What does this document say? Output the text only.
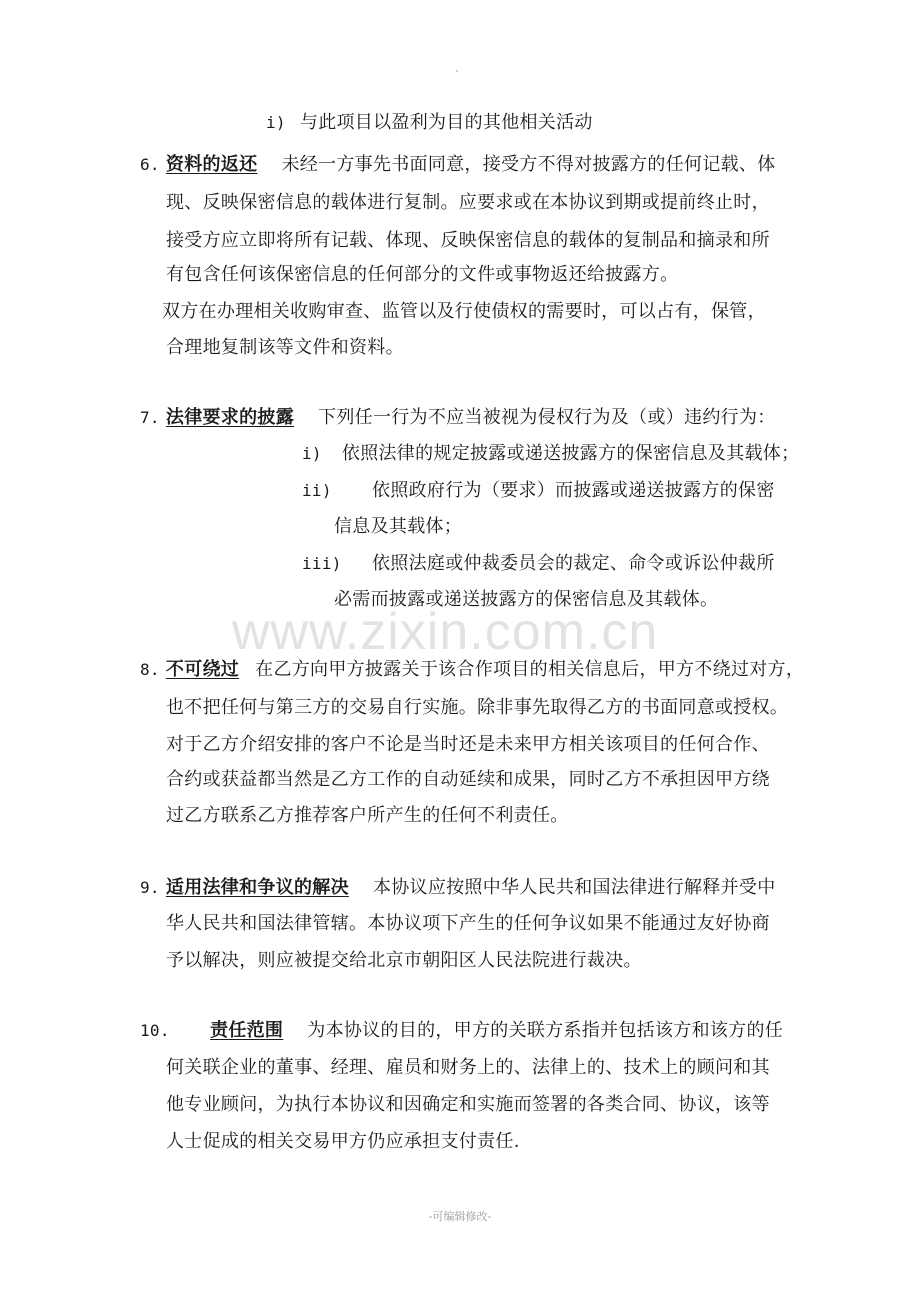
www.zixin.com.cn
i) 与此项目以盈利为目的其他相关活动
6. 资料的返还 未经一方事先书面同意，接受方不得对披露方的任何记载、体
现、反映保密信息的载体进行复制。应要求或在本协议到期或提前终止时，
接受方应立即将所有记载、体现、反映保密信息的载体的复制品和摘录和所
有包含任何该保密信息的任何部分的文件或事物返还给披露方。
双方在办理相关收购审查、监管以及行使债权的需要时，可以占有，保管，
合理地复制该等文件和资料。
7. 法律要求的披露 下列任一行为不应当被视为侵权行为及（或）违约行为：
i) 依照法律的规定披露或递送披露方的保密信息及其载体；
ii) 依照政府行为（要求）而披露或递送披露方的保密
信息及其载体；
iii) 依照法庭或仲裁委员会的裁定、命令或诉讼仲裁所
必需而披露或递送披露方的保密信息及其载体。
8. 不可绕过 在乙方向甲方披露关于该合作项目的相关信息后，甲方不绕过对方，
也不把任何与第三方的交易自行实施。除非事先取得乙方的书面同意或授权。
对于乙方介绍安排的客户不论是当时还是未来甲方相关该项目的任何合作、
合约或获益都当然是乙方工作的自动延续和成果，同时乙方不承担因甲方绕
过乙方联系乙方推荐客户所产生的任何不利责任。
9. 适用法律和争议的解决 本协议应按照中华人民共和国法律进行解释并受中
华人民共和国法律管辖。本协议项下产生的任何争议如果不能通过友好协商
予以解决，则应被提交给北京市朝阳区人民法院进行裁决。
10. 责任范围 为本协议的目的，甲方的关联方系指并包括该方和该方的任
何关联企业的董事、经理、雇员和财务上的、法律上的、技术上的顾问和其
他专业顾问，为执行本协议和因确定和实施而签署的各类合同、协议，该等
人士促成的相关交易甲方仍应承担支付责任.
-可编辑修改-
